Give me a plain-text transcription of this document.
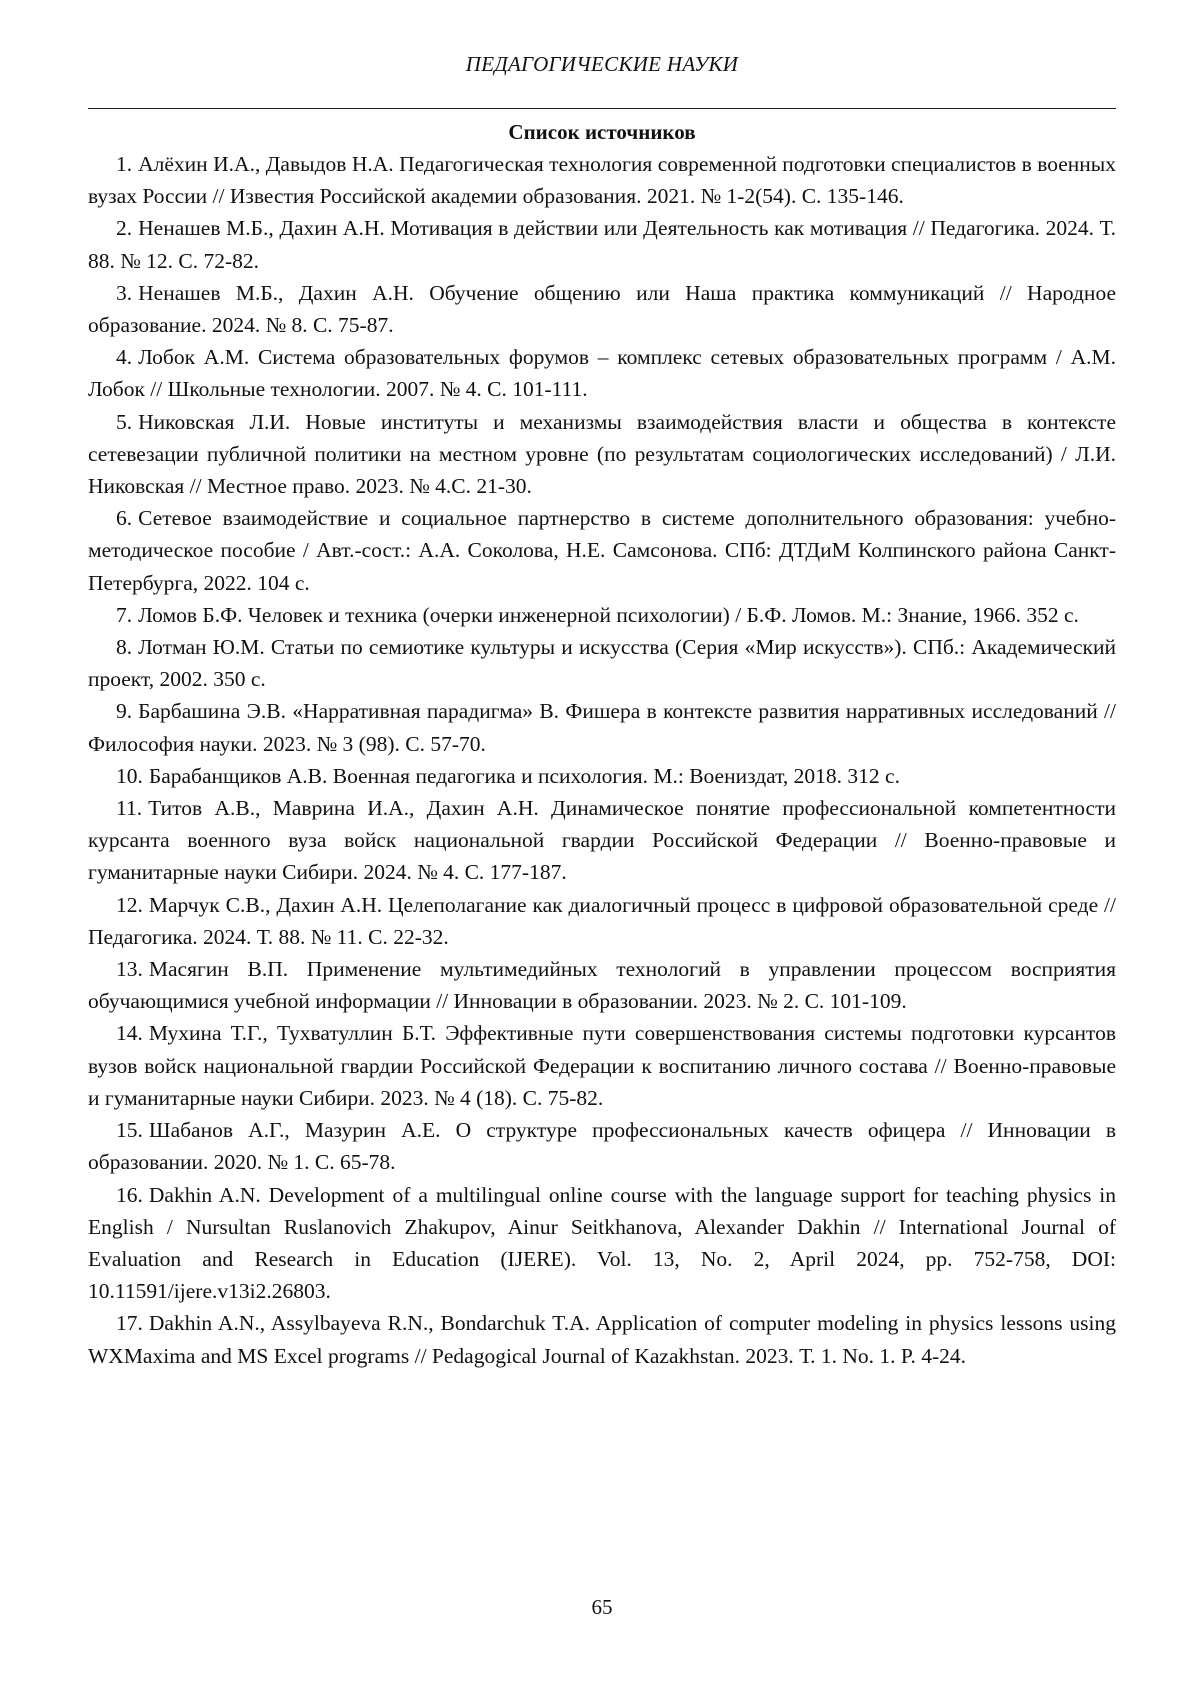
ПЕДАГОГИЧЕСКИЕ НАУКИ
Список источников
1. Алёхин И.А., Давыдов Н.А. Педагогическая технология современной подготовки специалистов в военных вузах России // Известия Российской академии образования. 2021. № 1-2(54). С. 135-146.
2. Ненашев М.Б., Дахин А.Н. Мотивация в действии или Деятельность как мотивация // Педагогика. 2024. Т. 88. № 12. С. 72-82.
3. Ненашев М.Б., Дахин А.Н. Обучение общению или Наша практика коммуникаций // Народное образование. 2024. № 8. С. 75-87.
4. Лобок А.М. Система образовательных форумов – комплекс сетевых образовательных программ / А.М. Лобок // Школьные технологии. 2007. № 4. С. 101-111.
5. Никовская Л.И. Новые институты и механизмы взаимодействия власти и общества в контексте сетевезации публичной политики на местном уровне (по результатам социологических исследований) / Л.И. Никовская // Местное право. 2023. № 4.С. 21-30.
6. Сетевое взаимодействие и социальное партнерство в системе дополнительного образования: учебно-методическое пособие / Авт.-сост.: А.А. Соколова, Н.Е. Самсонова. СПб: ДТДиМ Колпинского района Санкт-Петербурга, 2022. 104 с.
7. Ломов Б.Ф. Человек и техника (очерки инженерной психологии) / Б.Ф. Ломов. М.: Знание, 1966. 352 с.
8. Лотман Ю.М. Статьи по семиотике культуры и искусства (Серия «Мир искусств»). СПб.: Академический проект, 2002. 350 с.
9. Барбашина Э.В. «Нарративная парадигма» В. Фишера в контексте развития нарративных исследований // Философия науки. 2023. № 3 (98). С. 57-70.
10. Барабанщиков А.В. Военная педагогика и психология. М.: Воениздат, 2018. 312 с.
11. Титов А.В., Маврина И.А., Дахин А.Н. Динамическое понятие профессиональной компетентности курсанта военного вуза войск национальной гвардии Российской Федерации // Военно-правовые и гуманитарные науки Сибири. 2024. № 4. С. 177-187.
12. Марчук С.В., Дахин А.Н. Целеполагание как диалогичный процесс в цифровой образовательной среде // Педагогика. 2024. Т. 88. № 11. С. 22-32.
13. Масягин В.П. Применение мультимедийных технологий в управлении процессом восприятия обучающимися учебной информации // Инновации в образовании. 2023. № 2. С. 101-109.
14. Мухина Т.Г., Тухватуллин Б.Т. Эффективные пути совершенствования системы подготовки курсантов вузов войск национальной гвардии Российской Федерации к воспитанию личного состава // Военно-правовые и гуманитарные науки Сибири. 2023. № 4 (18). С. 75-82.
15. Шабанов А.Г., Мазурин А.Е. О структуре профессиональных качеств офицера // Инновации в образовании. 2020. № 1. С. 65-78.
16. Dakhin A.N. Development of a multilingual online course with the language support for teaching physics in English / Nursultan Ruslanovich Zhakupov, Ainur Seitkhanova, Alexander Dakhin // International Journal of Evaluation and Research in Education (IJERE). Vol. 13, No. 2, April 2024, pp. 752-758, DOI: 10.11591/ijere.v13i2.26803.
17. Dakhin A.N., Assylbayeva R.N., Bondarchuk T.A. Application of computer modeling in physics lessons using WXMaxima and MS Excel programs // Pedagogical Journal of Kazakhstan. 2023. Т. 1. No. 1. P. 4-24.
65
